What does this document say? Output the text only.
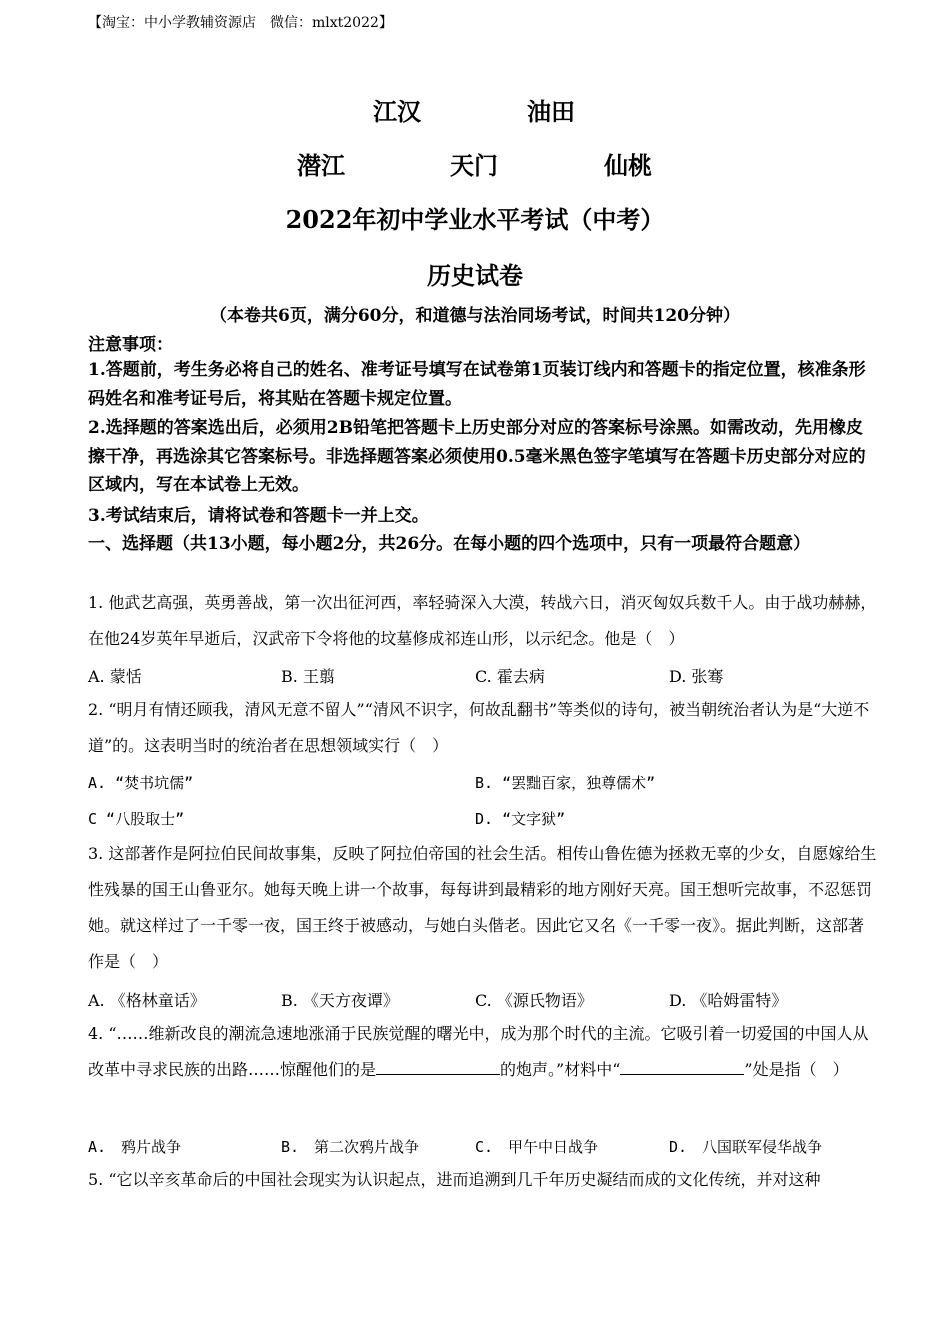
【淘宝：中小学教辅资源店　微信：mlxt2022】
江汉	油田
潜江	天门	仙桃
2022年初中学业水平考试（中考）
历史试卷
（本卷共6页，满分60分，和道德与法治同场考试，时间共120分钟）
注意事项：
1.答题前，考生务必将自己的姓名、准考证号填写在试卷第1页装订线内和答题卡的指定位置，核准条形码姓名和准考证号后，将其贴在答题卡规定位置。
2.选择题的答案选出后，必须用2B铅笔把答题卡上历史部分对应的答案标号涂黑。如需改动，先用橡皮擦干净，再选涂其它答案标号。非选择题答案必须使用0.5毫米黑色签字笔填写在答题卡历史部分对应的区域内，写在本试卷上无效。
3.考试结束后，请将试卷和答题卡一并上交。
一、选择题（共13小题，每小题2分，共26分。在每小题的四个选项中，只有一项最符合题意）
1. 他武艺高强，英勇善战，第一次出征河西，率轻骑深入大漠，转战六日，消灭匈奴兵数千人。由于战功赫赫，在他24岁英年早逝后，汉武帝下令将他的坟墓修成祁连山形，以示纪念。他是（　）
A. 蒙恬	B. 王翦	C. 霍去病	D. 张骞
2. “明月有情还顾我，清风无意不留人”“清风不识字，何故乱翻书”等类似的诗句，被当朝统治者认为是“大逆不道”的。这表明当时的统治者在思想领域实行（　）
A. “焚书坑儒”	B. “罢黜百家，独尊儒术”
C “八股取士”	D. “文字狱”
3. 这部著作是阿拉伯民间故事集，反映了阿拉伯帝国的社会生活。相传山鲁佐德为拯救无辜的少女，自愿嫁给生性残暴的国王山鲁亚尔。她每天晚上讲一个故事，每每讲到最精彩的地方刚好天亮。国王想听完故事，不忍惩罚她。就这样过了一千零一夜，国王终于被感动，与她白头偕老。因此它又名《一千零一夜》。据此判断，这部著作是（　）
A. 《格林童话》	B. 《天方夜谭》	C. 《源氏物语》	D. 《哈姆雷特》
4. “……维新改良的潮流急速地涨涌于民族觉醒的曙光中，成为那个时代的主流。它吸引着一切爱国的中国人从改革中寻求民族的出路……惊醒他们的是	的炮声。”材料中“	”处是指（　）
A.　鸦片战争	B.　第二次鸦片战争	C.　甲午中日战争	D.　八国联军侵华战争
5. “它以辛亥革命后的中国社会现实为认识起点，进而追溯到几千年历史凝结而成的文化传统，并对这种
